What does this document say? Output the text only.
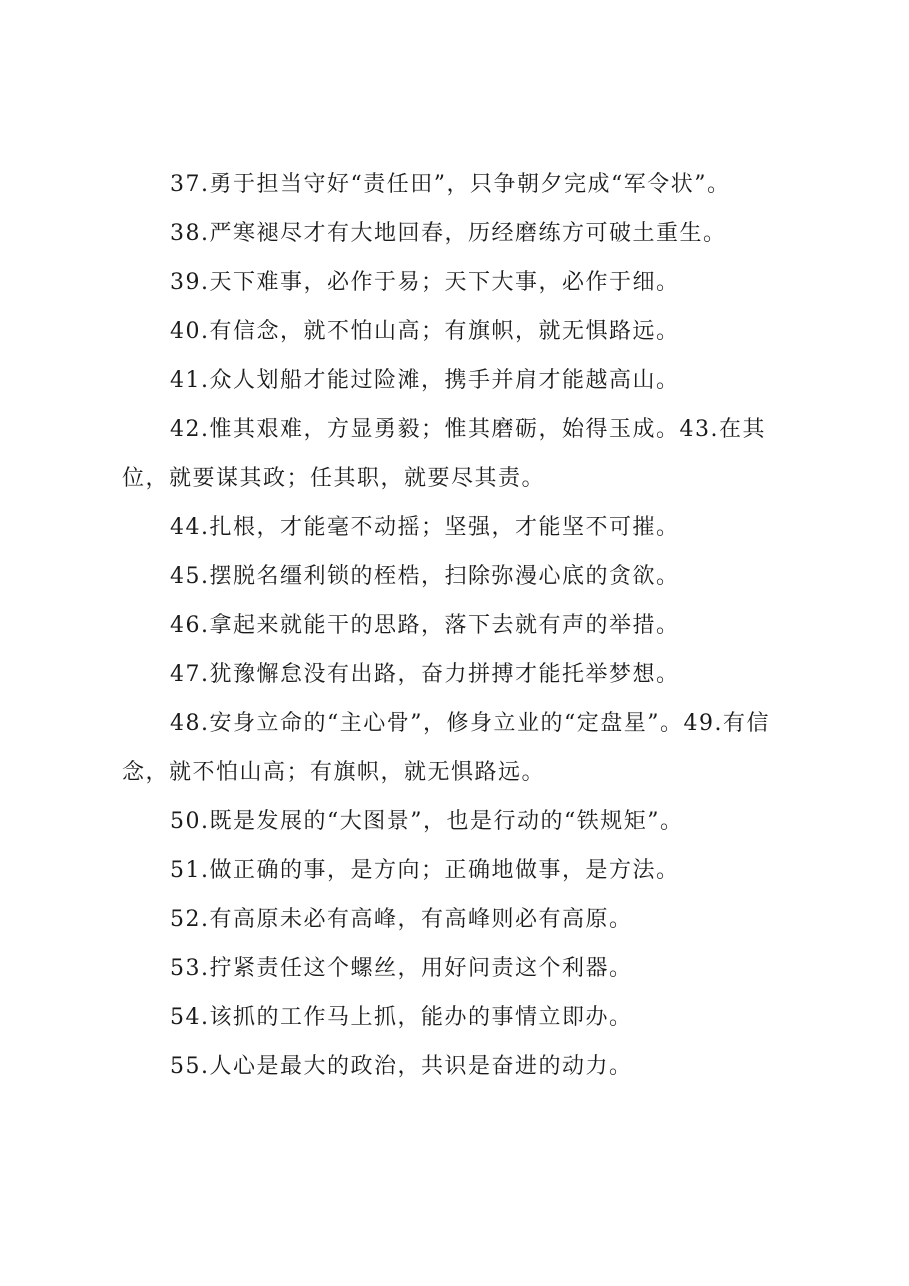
37.勇于担当守好“责任田”，只争朝夕完成“军令状”。

38.严寒褪尽才有大地回春，历经磨练方可破土重生。

39.天下难事，必作于易；天下大事，必作于细。

40.有信念，就不怕山高；有旗帜，就无惧路远。

41.众人划船才能过险滩，携手并肩才能越高山。

42.惟其艰难，方显勇毅；惟其磨砺，始得玉成。43.在其位，就要谋其政；任其职，就要尽其责。

44.扎根，才能毫不动摇；坚强，才能坚不可摧。

45.摆脱名缰利锁的桎梏，扫除弥漫心底的贪欲。

46.拿起来就能干的思路，落下去就有声的举措。

47.犹豫懈怠没有出路，奋力拼搏才能托举梦想。

48.安身立命的“主心骨”，修身立业的“定盘星”。49.有信念，就不怕山高；有旗帜，就无惧路远。

50.既是发展的“大图景”，也是行动的“铁规矩”。

51.做正确的事，是方向；正确地做事，是方法。

52.有高原未必有高峰，有高峰则必有高原。

53.拧紧责任这个螺丝，用好问责这个利器。

54.该抓的工作马上抓，能办的事情立即办。

55.人心是最大的政治，共识是奋进的动力。
